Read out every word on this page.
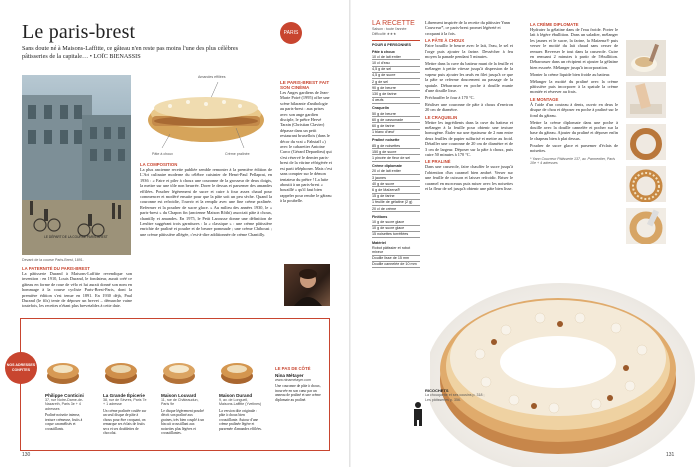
Le paris-brest
Sans doute né à Maisons-Laffitte, ce gâteau n'en reste pas moins l'une des plus célèbres pâtisseries de la capitale… • LOÏC BIENASSIS
LE DÉPART DE LA COURSE PARIS-BREST
Devant de la course Paris-Brest, 1891.
Amandes effilées
Pâte à choux	Crème pralinée
LA COMPOSITION
La plus ancienne recette publiée semble remonter à la première édition de L'Art culinaire moderne du célèbre cuisinier de Henri-Paul Pellaprat, en 1936 : « Faire et piler à choux une couronne de la grosseur de deux doigts, la mettre sur une tôle non beurrée. Dorer le dessus et parsemer des amandes effilées. Poudrer légèrement de sucre et cuire à four assez chaud pour commencer et modéré ensuite pour que la pâte soit un peu sèche. Quand la couronne est refroidie, l'ouvrir et la remplir avec une fine crème pralinée. Refermer et la poudrer de sucre glace. » Au milieu des années 1930, le « paris-brest » du Chapon fin (ancienne Maison Rôthi) associait pâte à choux, chantilly et amandes. En 1975, le Petit Larousse donne une définition de Lenôtre suggérant trois garnitures : la « classique » : une crème pâtissière enrichie de praliné et poudre et de beurre pommade ; une crème Chiboust ; une crème pâtissière allégée, c'est-à-dire additionnée de crème Chantilly.
LA PATERNITÉ DU PARIS-BREST
La pâtisserie Durand à Maisons-Laffitte revendique son invention : en 1910, Louis Durand, le fondateur, aurait créé ce gâteau en forme de roue de vélo et lui aurait donné son nom en hommage à la course cycliste Paris-Brest-Paris, dont la première édition s'est tenue en 1891. En 1930 déjà, Paul Durand (le fils) tente de déposer un brevet – démarche vaine toutefois, les recettes n'étant plus brevetables à cette date.
PARIS
LE PARIS-BREST FAIT SON CINÉMA
Les Anges gardiens de Jean-Marie Poiré (1995) offre une scène hilarante d'anthologie au paris-brest : aux prises avec son ange gardien disciple, le prêtre Hervé Tarain (Christian Clavier) dépasse dans un petit restaurant bruxellois (dans le décor du vrai « Fabstaff ») avec le cabaretier Antoine Carco (Gérard Depardieu) qui s'est réservé le dernier paris-brest de la vitrine réfrigérée et est parti téléphoner. Mais c'est sans compter sur le démon tentateur du prêtre ! La lutte aboutit à un paris-brest « bouzillé » qu'il faut bien rappeler pour rendre le gâteau à la poubelle.
NOS ADRESSES
CONFITES
Philippe Conticini
37, rue Notre-Dame-de-Nazareth, Paris 3e + 4 adresses
Praliné noisette intense, texture crémeuse, fruits à coque caramélisés et croustillants.
La Grande Épicerie
38, rue de Sèvres, Paris 7e + 1 adresse
Un crème pralinée coulée sur un seul disque de pâte à choux pour être croquant, on remarque ses éclats de fruits secs et ses doublettes de chocolat.
Maison Louvard
11, rue de Châteaudun, Paris 9e
Le disque légèrement poudré décrit son praliné aux graines, très bien couplé à un biscuit croustillant aux noisettes plus légères et croustillantes.
Maison Durand
9, av. de Longueil, Maisons-Laffitte (Yvelines)
La version dite originale : pâte à choux bien croustillante. Autour d'une crème pralinée légère et parsemée d'amandes effilées.
LE PAS DE CÔTÉ
Nina Métayer
www.ninametayer.com
Une couronne de pâte à choux, incurvée en son cœur par un anneau de praliné et une crème diplomate au praliné.
130
LA RECETTE
Saison : toute l'année
Difficulté ★★★
POUR 8 PERSONNES
Pâte à choux
10 cl de lait entier
10 cl d'eau
4,5 g de sel
4,5 g de sucre
2 g de sel
90 g de beurre
130 g de farine
4 œufs
Craquelin
50 g de beurre
60 g de cassonade
60 g de farine
1 blanc d'œuf
Praliné noisette
85 g de noisettes
150 g de sucre
1 pincée de fleur de sel
Crème diplomate
20 cl de lait entier
3 jaunes
40 g de sucre
6 g de Maïzena®
15 g de farine
1 feuille de gélatine (2 g)
20 cl de crème
Finitions
10 g de sucre glace
10 g de sucre glace
15 noisettes torréfiées
Matériel
Robot pâtissier et robot mixeur
Douille lisse de 15 mm
Douille cannelée de 10 mm
Librement inspirée de la recette du pâtissier Yann Couvreur*, ce paris-brest promet légèreté et croquant à la fois.
LA PÂTE À CHOUX
Faire bouillir le beurre avec le lait, l'eau, le sel et l'orge puis ajouter la farine. Dessécher à feu moyen la panade pendant 5 minutes.
Mettre dans la cuve du batteur muni de la feuille et mélanger à petite vitesse jusqu'à dispersion de la vapeur puis ajouter les œufs en filet jusqu'à ce que la pâte se referme doucement au passage de la spatule. Débarrasser en poche à douille munie d'une douille lisse.
Préchauffer le four à 170 °C.
Réaliser une couronne de pâte à choux d'environ 20 cm de diamètre.
LE CRAQUELIN
Mettre les ingrédients dans la cuve du batteur et mélanger à la feuille pour obtenir une texture homogène. Étaler sur une épaisseur de 2 mm entre deux feuilles de papier sulfurisé et mettre au froid. Détailler une couronne de 20 cm de diamètre et de 3 cm de largeur. Déposer sur la pâte à choux, puis cuire 50 minutes à 170 °C.
LE PRALINÉ
Dans une casserole, faire chauffer le sucre jusqu'à l'obtention d'un caramel bien ambré. Verser sur une feuille de cuisson et laisser refroidir. Briser le caramel en morceaux puis mixer avec les noisettes et la fleur de sel jusqu'à obtenir une pâte bien lisse.
LA CRÈME DIPLOMATE
Hydrater la gélatine dans de l'eau froide. Porter le lait à légère ébullition. Dans un saladier, mélanger les jaunes et le sucre, la farine, la Maïzena® puis verser le moitié du lait chaud sans cesser de remuer. Reverser le tout dans la casserole. Cuire en remuant 2 minutes à partir de l'ébullition. Débarrasser dans un récipient et ajouter la gélatine bien essorée. Mélanger jusqu'à incorporation.
Monter la crème liquide bien froide au batteur.
Mélanger la moitié du praliné avec la crème pâtissière puis incorporer à la spatule la crème montée et réserver au frais.
LE MONTAGE
À l'aide d'un couteau à dents, ouvrir en deux le disque de chou et déposer en poche à praliné sur le fond du gâteau.
Mettre la crème diplomate dans une poche à douille avec la douille cannelée et pocher sur la base du gâteau. Ajouter du praliné et déposer enfin le chapeau bien à plat dessus.
Poudrer de sucre glace et parsemer d'éclats de noisettes.
* Yann Couvreur Pâtisserie 137, av. Parmentier, Paris 10e + 4 adresses
RICOCHETS
La chouquette et ses cousins p. 318 ; Les pâtisseries p. 356.
131
